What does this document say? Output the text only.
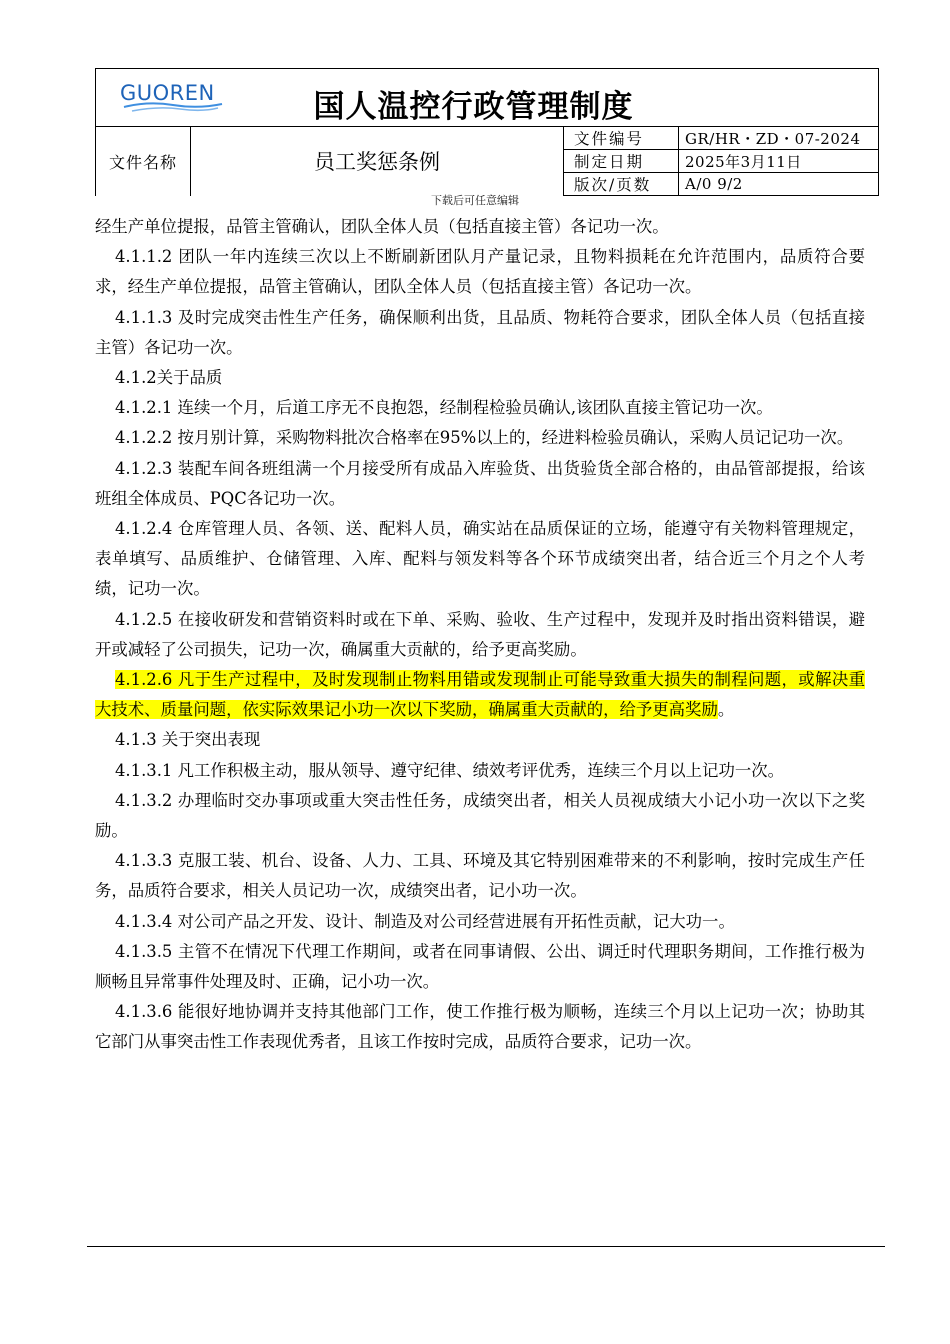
GUOREN		国人温控行政管理制度	

文件名称	员工奖惩条例	文件编号	GR/HR・ZD・07-2024
		制定日期	2025年3月11日
		版次/页数	A/0 9/2
下载后可任意编辑

经生产单位提报，品管主管确认，团队全体人员（包括直接主管）各记功一次。

4.1.1.2 团队一年内连续三次以上不断刷新团队月产量记录，且物料损耗在允许范围内，品质符合要求，经生产单位提报，品管主管确认，团队全体人员（包括直接主管）各记功一次。

4.1.1.3 及时完成突击性生产任务，确保顺利出货，且品质、物耗符合要求，团队全体人员（包括直接主管）各记功一次。

4.1.2关于品质

4.1.2.1 连续一个月，后道工序无不良抱怨，经制程检验员确认,该团队直接主管记功一次。

4.1.2.2 按月别计算，采购物料批次合格率在95%以上的，经进料检验员确认，采购人员记记功一次。

4.1.2.3 装配车间各班组满一个月接受所有成品入库验货、出货验货全部合格的，由品管部提报，给该班组全体成员、PQC各记功一次。

4.1.2.4 仓库管理人员、各领、送、配料人员，确实站在品质保证的立场，能遵守有关物料管理规定，表单填写、品质维护、仓储管理、入库、配料与领发料等各个环节成绩突出者，结合近三个月之个人考绩，记功一次。

4.1.2.5 在接收研发和营销资料时或在下单、采购、验收、生产过程中，发现并及时指出资料错误，避开或减轻了公司损失，记功一次，确属重大贡献的，给予更高奖励。

4.1.2.6 凡于生产过程中，及时发现制止物料用错或发现制止可能导致重大损失的制程问题，或解决重大技术、质量问题，依实际效果记小功一次以下奖励，确属重大贡献的，给予更高奖励。

4.1.3 关于突出表现

4.1.3.1 凡工作积极主动，服从领导、遵守纪律、绩效考评优秀，连续三个月以上记功一次。

4.1.3.2 办理临时交办事项或重大突击性任务，成绩突出者，相关人员视成绩大小记小功一次以下之奖励。

4.1.3.3 克服工装、机台、设备、人力、工具、环境及其它特别困难带来的不利影响，按时完成生产任务，品质符合要求，相关人员记功一次，成绩突出者，记小功一次。

4.1.3.4 对公司产品之开发、设计、制造及对公司经营进展有开拓性贡献，记大功一。

4.1.3.5 主管不在情况下代理工作期间，或者在同事请假、公出、调迁时代理职务期间，工作推行极为顺畅且异常事件处理及时、正确，记小功一次。

4.1.3.6 能很好地协调并支持其他部门工作，使工作推行极为顺畅，连续三个月以上记功一次；协助其它部门从事突击性工作表现优秀者，且该工作按时完成，品质符合要求，记功一次。
